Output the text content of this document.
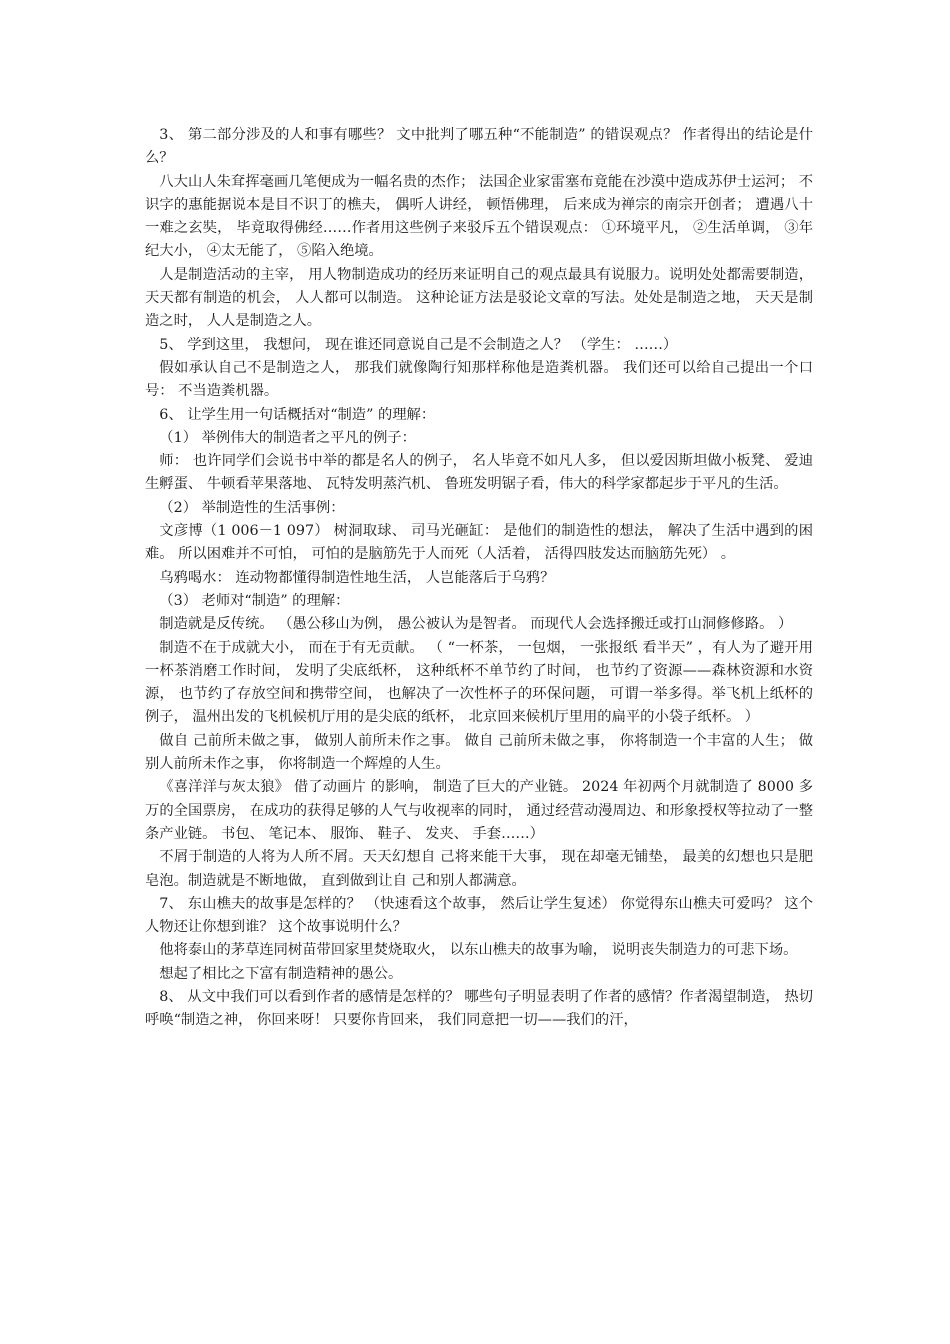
3、 第二部分涉及的人和事有哪些？ 文中批判了哪五种“不能制造” 的错误观点？ 作者得出的结论是什么？

八大山人朱耷挥毫画几笔便成为一幅名贵的杰作； 法国企业家雷塞布竟能在沙漠中造成苏伊士运河； 不识字的惠能据说本是目不识丁的樵夫， 偶听人讲经， 顿悟佛理， 后来成为禅宗的南宗开创者； 遭遇八十一难之玄奘， 毕竟取得佛经……作者用这些例子来驳斥五个错误观点： ①环境平凡， ②生活单调， ③年纪大小， ④太无能了， ⑤陷入绝境。

人是制造活动的主宰， 用人物制造成功的经历来证明自己的观点最具有说服力。说明处处都需要制造， 天天都有制造的机会， 人人都可以制造。 这种论证方法是驳论文章的写法。处处是制造之地， 天天是制造之时， 人人是制造之人。

5、 学到这里， 我想问， 现在谁还同意说自己是不会制造之人？ （学生： ……）

假如承认自己不是制造之人， 那我们就像陶行知那样称他是造粪机器。 我们还可以给自己提出一个口号： 不当造粪机器。

6、 让学生用一句话概括对“制造” 的理解：

（1） 举例伟大的制造者之平凡的例子：

师： 也许同学们会说书中举的都是名人的例子， 名人毕竟不如凡人多， 但以爱因斯坦做小板凳、 爱迪生孵蛋、 牛顿看苹果落地、 瓦特发明蒸汽机、 鲁班发明锯子看，伟大的科学家都起步于平凡的生活。

（2） 举制造性的生活事例：

文彦博（1 006－1 097） 树洞取球、 司马光砸缸： 是他们的制造性的想法， 解决了生活中遇到的困难。 所以困难并不可怕， 可怕的是脑筋先于人而死（人活着， 活得四肢发达而脑筋先死） 。

乌鸦喝水： 连动物都懂得制造性地生活， 人岂能落后于乌鸦？

（3） 老师对“制造” 的理解：

制造就是反传统。 （愚公移山为例， 愚公被认为是智者。 而现代人会选择搬迁或打山洞修修路。 ）

制造不在于成就大小， 而在于有无贡献。 （ “一杯茶， 一包烟， 一张报纸 看半天” ，有人为了避开用一杯茶消磨工作时间， 发明了尖底纸杯， 这种纸杯不单节约了时间， 也节约了资源——森林资源和水资源， 也节约了存放空间和携带空间， 也解决了一次性杯子的环保问题， 可谓一举多得。举飞机上纸杯的例子， 温州出发的飞机候机厅用的是尖底的纸杯， 北京回来候机厅里用的扁平的小袋子纸杯。 ）

做自 己前所未做之事， 做别人前所未作之事。 做自 己前所未做之事， 你将制造一个丰富的人生； 做别人前所未作之事， 你将制造一个辉煌的人生。

《喜洋洋与灰太狼》 借了动画片 的影响， 制造了巨大的产业链。 2024 年初两个月就制造了 8000 多万的全国票房， 在成功的获得足够的人气与收视率的同时， 通过经营动漫周边、和形象授权等拉动了一整条产业链。 书包、 笔记本、 服饰、 鞋子、 发夹、 手套……）

不屑于制造的人将为人所不屑。天天幻想自 己将来能干大事， 现在却毫无铺垫， 最美的幻想也只是肥皂泡。制造就是不断地做， 直到做到让自 己和别人都满意。

7、 东山樵夫的故事是怎样的？ （快速看这个故事， 然后让学生复述） 你觉得东山樵夫可爱吗？ 这个人物还让你想到谁？ 这个故事说明什么？

他将泰山的茅草连同树苗带回家里焚烧取火， 以东山樵夫的故事为喻， 说明丧失制造力的可悲下场。

想起了相比之下富有制造精神的愚公。

8、 从文中我们可以看到作者的感情是怎样的？ 哪些句子明显表明了作者的感情？作者渴望制造， 热切呼唤“制造之神， 你回来呀！ 只要你肯回来， 我们同意把一切——我们的汗，
